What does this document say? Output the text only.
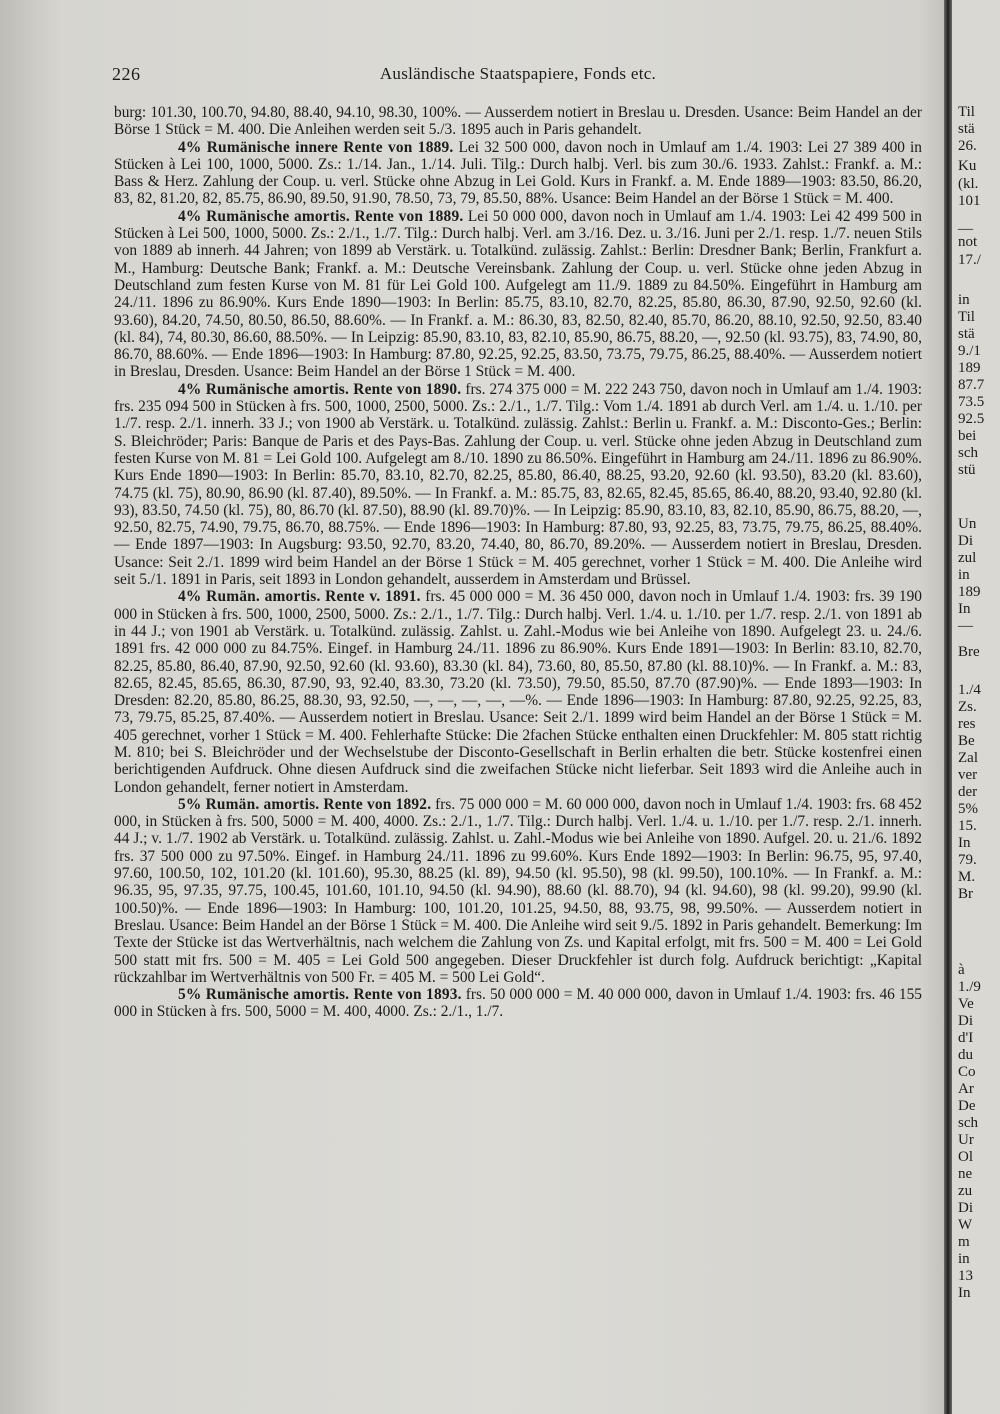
226	Ausländische Staatspapiere, Fonds etc.

burg: 101.30, 100.70, 94.80, 88.40, 94.10, 98.30, 100%. — Ausserdem notiert in Breslau u. Dresden. Usance: Beim Handel an der Börse 1 Stück = M. 400. Die Anleihen werden seit 5./3. 1895 auch in Paris gehandelt.

4% Rumänische innere Rente von 1889. Lei 32 500 000, davon noch in Umlauf am 1./4. 1903: Lei 27 389 400 in Stücken à Lei 100, 1000, 5000. Zs.: 1./14. Jan., 1./14. Juli. Tilg.: Durch halbj. Verl. bis zum 30./6. 1933. Zahlst.: Frankf. a. M.: Bass & Herz. Zahlung der Coup. u. verl. Stücke ohne Abzug in Lei Gold. Kurs in Frankf. a. M. Ende 1889—1903: 83.50, 86.20, 83, 82, 81.20, 82, 85.75, 86.90, 89.50, 91.90, 78.50, 73, 79, 85.50, 88%. Usance: Beim Handel an der Börse 1 Stück = M. 400.

4% Rumänische amortis. Rente von 1889. Lei 50 000 000, davon noch in Umlauf am 1./4. 1903: Lei 42 499 500 in Stücken à Lei 500, 1000, 5000. Zs.: 2./1., 1./7. Tilg.: Durch halbj. Verl. am 3./16. Dez. u. 3./16. Juni per 2./1. resp. 1./7. neuen Stils von 1889 ab innerh. 44 Jahren; von 1899 ab Verstärk. u. Totalkünd. zulässig. Zahlst.: Berlin: Dresdner Bank; Berlin, Frankfurt a. M., Hamburg: Deutsche Bank; Frankf. a. M.: Deutsche Vereinsbank. Zahlung der Coup. u. verl. Stücke ohne jeden Abzug in Deutschland zum festen Kurse von M. 81 für Lei Gold 100. Aufgelegt am 11./9. 1889 zu 84.50%. Eingeführt in Hamburg am 24./11. 1896 zu 86.90%. Kurs Ende 1890—1903: In Berlin: 85.75, 83.10, 82.70, 82.25, 85.80, 86.30, 87.90, 92.50, 92.60 (kl. 93.60), 84.20, 74.50, 80.50, 86.50, 88.60%. — In Frankf. a. M.: 86.30, 83, 82.50, 82.40, 85.70, 86.20, 88.10, 92.50, 92.50, 83.40 (kl. 84), 74, 80.30, 86.60, 88.50%. — In Leipzig: 85.90, 83.10, 83, 82.10, 85.90, 86.75, 88.20, —, 92.50 (kl. 93.75), 83, 74.90, 80, 86.70, 88.60%. — Ende 1896—1903: In Hamburg: 87.80, 92.25, 92.25, 83.50, 73.75, 79.75, 86.25, 88.40%. — Ausserdem notiert in Breslau, Dresden. Usance: Beim Handel an der Börse 1 Stück = M. 400.

4% Rumänische amortis. Rente von 1890. frs. 274 375 000 = M. 222 243 750, davon noch in Umlauf am 1./4. 1903: frs. 235 094 500 in Stücken à frs. 500, 1000, 2500, 5000. Zs.: 2./1., 1./7. Tilg.: Vom 1./4. 1891 ab durch Verl. am 1./4. u. 1./10. per 1./7. resp. 2./1. innerh. 33 J.; von 1900 ab Verstärk. u. Totalkünd. zulässig. Zahlst.: Berlin u. Frankf. a. M.: Disconto-Ges.; Berlin: S. Bleichröder; Paris: Banque de Paris et des Pays-Bas. Zahlung der Coup. u. verl. Stücke ohne jeden Abzug in Deutschland zum festen Kurse von M. 81 = Lei Gold 100. Aufgelegt am 8./10. 1890 zu 86.50%. Eingeführt in Hamburg am 24./11. 1896 zu 86.90%. Kurs Ende 1890—1903: In Berlin: 85.70, 83.10, 82.70, 82.25, 85.80, 86.40, 88.25, 93.20, 92.60 (kl. 93.50), 83.20 (kl. 83.60), 74.75 (kl. 75), 80.90, 86.90 (kl. 87.40), 89.50%. — In Frankf. a. M.: 85.75, 83, 82.65, 82.45, 85.65, 86.40, 88.20, 93.40, 92.80 (kl. 93), 83.50, 74.50 (kl. 75), 80, 86.70 (kl. 87.50), 88.90 (kl. 89.70)%. — In Leipzig: 85.90, 83.10, 83, 82.10, 85.90, 86.75, 88.20, —, 92.50, 82.75, 74.90, 79.75, 86.70, 88.75%. — Ende 1896—1903: In Hamburg: 87.80, 93, 92.25, 83, 73.75, 79.75, 86.25, 88.40%. — Ende 1897—1903: In Augsburg: 93.50, 92.70, 83.20, 74.40, 80, 86.70, 89.20%. — Ausserdem notiert in Breslau, Dresden. Usance: Seit 2./1. 1899 wird beim Handel an der Börse 1 Stück = M. 405 gerechnet, vorher 1 Stück = M. 400. Die Anleihe wird seit 5./1. 1891 in Paris, seit 1893 in London gehandelt, ausserdem in Amsterdam und Brüssel.

4% Rumän. amortis. Rente v. 1891. frs. 45 000 000 = M. 36 450 000, davon noch in Umlauf 1./4. 1903: frs. 39 190 000 in Stücken à frs. 500, 1000, 2500, 5000. Zs.: 2./1., 1./7. Tilg.: Durch halbj. Verl. 1./4. u. 1./10. per 1./7. resp. 2./1. von 1891 ab in 44 J.; von 1901 ab Verstärk. u. Totalkünd. zulässig. Zahlst. u. Zahl.-Modus wie bei Anleihe von 1890. Aufgelegt 23. u. 24./6. 1891 frs. 42 000 000 zu 84.75%. Eingef. in Hamburg 24./11. 1896 zu 86.90%. Kurs Ende 1891—1903: In Berlin: 83.10, 82.70, 82.25, 85.80, 86.40, 87.90, 92.50, 92.60 (kl. 93.60), 83.30 (kl. 84), 73.60, 80, 85.50, 87.80 (kl. 88.10)%. — In Frankf. a. M.: 83, 82.65, 82.45, 85.65, 86.30, 87.90, 93, 92.40, 83.30, 73.20 (kl. 73.50), 79.50, 85.50, 87.70 (87.90)%. — Ende 1893—1903: In Dresden: 82.20, 85.80, 86.25, 88.30, 93, 92.50, —, —, —, —, —%. — Ende 1896—1903: In Hamburg: 87.80, 92.25, 92.25, 83, 73, 79.75, 85.25, 87.40%. — Ausserdem notiert in Breslau. Usance: Seit 2./1. 1899 wird beim Handel an der Börse 1 Stück = M. 405 gerechnet, vorher 1 Stück = M. 400. Fehlerhafte Stücke: Die 2fachen Stücke enthalten einen Druckfehler: M. 805 statt richtig M. 810; bei S. Bleichröder und der Wechselstube der Disconto-Gesellschaft in Berlin erhalten die betr. Stücke kostenfrei einen berichtigenden Aufdruck. Ohne diesen Aufdruck sind die zweifachen Stücke nicht lieferbar. Seit 1893 wird die Anleihe auch in London gehandelt, ferner notiert in Amsterdam.

5% Rumän. amortis. Rente von 1892. frs. 75 000 000 = M. 60 000 000, davon noch in Umlauf 1./4. 1903: frs. 68 452 000, in Stücken à frs. 500, 5000 = M. 400, 4000. Zs.: 2./1., 1./7. Tilg.: Durch halbj. Verl. 1./4. u. 1./10. per 1./7. resp. 2./1. innerh. 44 J.; v. 1./7. 1902 ab Verstärk. u. Totalkünd. zulässig. Zahlst. u. Zahl.-Modus wie bei Anleihe von 1890. Aufgel. 20. u. 21./6. 1892 frs. 37 500 000 zu 97.50%. Eingef. in Hamburg 24./11. 1896 zu 99.60%. Kurs Ende 1892—1903: In Berlin: 96.75, 95, 97.40, 97.60, 100.50, 102, 101.20 (kl. 101.60), 95.30, 88.25 (kl. 89), 94.50 (kl. 95.50), 98 (kl. 99.50), 100.10%. — In Frankf. a. M.: 96.35, 95, 97.35, 97.75, 100.45, 101.60, 101.10, 94.50 (kl. 94.90), 88.60 (kl. 88.70), 94 (kl. 94.60), 98 (kl. 99.20), 99.90 (kl. 100.50)%. — Ende 1896—1903: In Hamburg: 100, 101.20, 101.25, 94.50, 88, 93.75, 98, 99.50%. — Ausserdem notiert in Breslau. Usance: Beim Handel an der Börse 1 Stück = M. 400. Die Anleihe wird seit 9./5. 1892 in Paris gehandelt. Bemerkung: Im Texte der Stücke ist das Wertverhältnis, nach welchem die Zahlung von Zs. und Kapital erfolgt, mit frs. 500 = M. 400 = Lei Gold 500 statt mit frs. 500 = M. 405 = Lei Gold 500 angegeben. Dieser Druckfehler ist durch folg. Aufdruck berichtigt: „Kapital rückzahlbar im Wertverhältnis von 500 Fr. = 405 M. = 500 Lei Gold“.

5% Rumänische amortis. Rente von 1893. frs. 50 000 000 = M. 40 000 000, davon in Umlauf 1./4. 1903: frs. 46 155 000 in Stücken à frs. 500, 5000 = M. 400, 4000. Zs.: 2./1., 1./7.

Til
stä
26.
Ku
(kl.
101
—
not
17./
in
Til
stä
9./1
189
87.7
73.5
92.5
bei
sch
stü
Un
Di
zul
in
189
In
—
Bre
1./4
Zs.
res
Be
Zal
ver
der
5%
15.
In
79.
M.
Br
à
1./9
Ve
Di
d'I
du
Co
Ar
De
sch
Ur
Ol
ne
zu
Di
W
m
in
13
In
